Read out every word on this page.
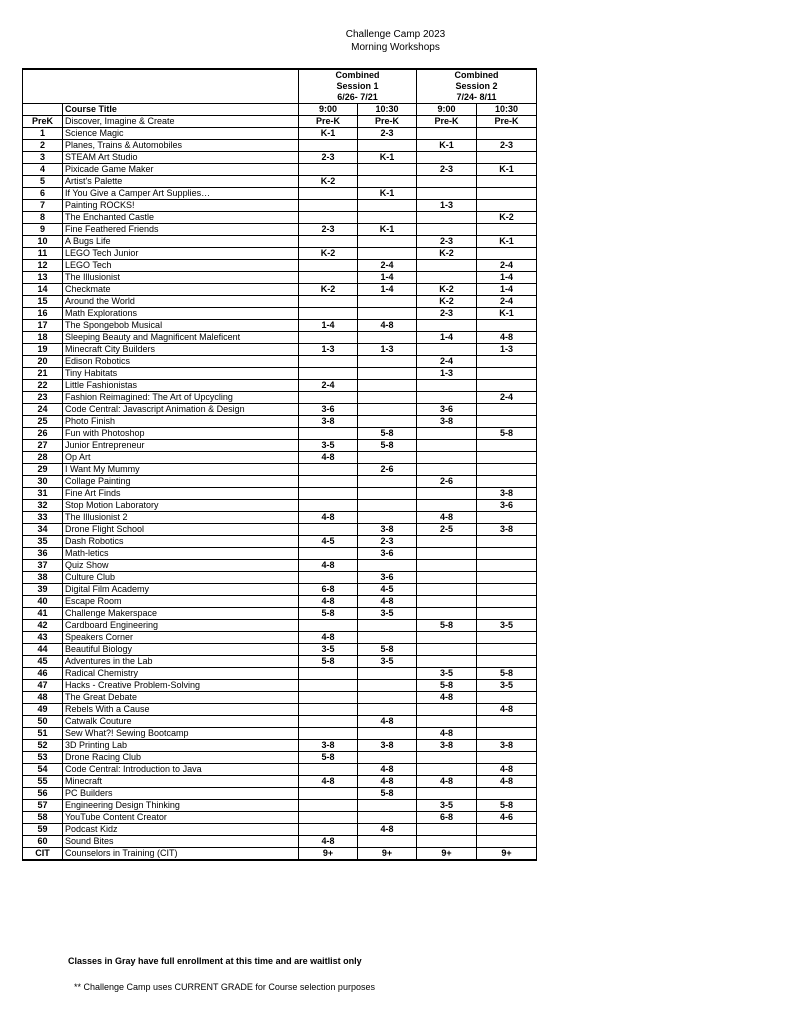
Challenge Camp 2023
Morning Workshops
		Combined		Combined	
		Session 1		Session 2	
		6/26- 7/21		7/24- 8/11	
	Course Title	9:00	10:30	9:00	10:30
PreK	Discover, Imagine & Create	Pre-K	Pre-K	Pre-K	Pre-K
1	Science Magic	K-1	2-3		
2	Planes, Trains & Automobiles			K-1	2-3
3	STEAM Art Studio	2-3	K-1		
4	Pixicade Game Maker			2-3	K-1
5	Artist's Palette	K-2			
6	If You Give a Camper Art Supplies…		K-1		
7	Painting ROCKS!			1-3	
8	The Enchanted Castle				K-2
9	Fine Feathered Friends	2-3	K-1		
10	A Bugs Life			2-3	K-1
11	LEGO Tech Junior	K-2		K-2	
12	LEGO Tech		2-4		2-4
13	The Illusionist		1-4		1-4
14	Checkmate	K-2	1-4	K-2	1-4
15	Around the World			K-2	2-4
16	Math Explorations			2-3	K-1
17	The Spongebob Musical	1-4	4-8		
18	Sleeping Beauty and Magnificent Maleficent			1-4	4-8
19	Minecraft City Builders	1-3	1-3		1-3
20	Edison Robotics			2-4	
21	Tiny Habitats			1-3	
22	Little Fashionistas	2-4			
23	Fashion Reimagined: The Art of Upcycling				2-4
24	Code Central: Javascript Animation & Design	3-6		3-6	
25	Photo Finish	3-8		3-8	
26	Fun with Photoshop		5-8		5-8
27	Junior Entrepreneur	3-5	5-8		
28	Op Art	4-8			
29	I Want My Mummy		2-6		
30	Collage Painting			2-6	
31	Fine Art Finds				3-8
32	Stop Motion Laboratory				3-6
33	The Illusionist 2	4-8		4-8	
34	Drone Flight School		3-8	2-5	3-8
35	Dash Robotics	4-5	2-3		
36	Math-letics		3-6		
37	Quiz Show	4-8			
38	Culture Club		3-6		
39	Digital Film Academy	6-8	4-5		
40	Escape Room	4-8	4-8		
41	Challenge Makerspace	5-8	3-5		
42	Cardboard Engineering			5-8	3-5
43	Speakers Corner	4-8			
44	Beautiful Biology	3-5	5-8		
45	Adventures in the Lab	5-8	3-5		
46	Radical Chemistry			3-5	5-8
47	Hacks - Creative Problem-Solving			5-8	3-5
48	The Great Debate			4-8	
49	Rebels With a Cause				4-8
50	Catwalk Couture		4-8		
51	Sew What?! Sewing Bootcamp			4-8	
52	3D Printing Lab	3-8	3-8	3-8	3-8
53	Drone Racing Club	5-8			
54	Code Central: Introduction to Java		4-8		4-8
55	Minecraft	4-8	4-8	4-8	4-8
56	PC Builders		5-8		
57	Engineering Design Thinking			3-5	5-8
58	YouTube Content Creator			6-8	4-6
59	Podcast Kidz		4-8		
60	Sound Bites	4-8			
CIT	Counselors in Training (CIT)	9+	9+	9+	9+
Classes in Gray have full enrollment at this time and are waitlist only
** Challenge Camp uses CURRENT GRADE for Course selection purposes
